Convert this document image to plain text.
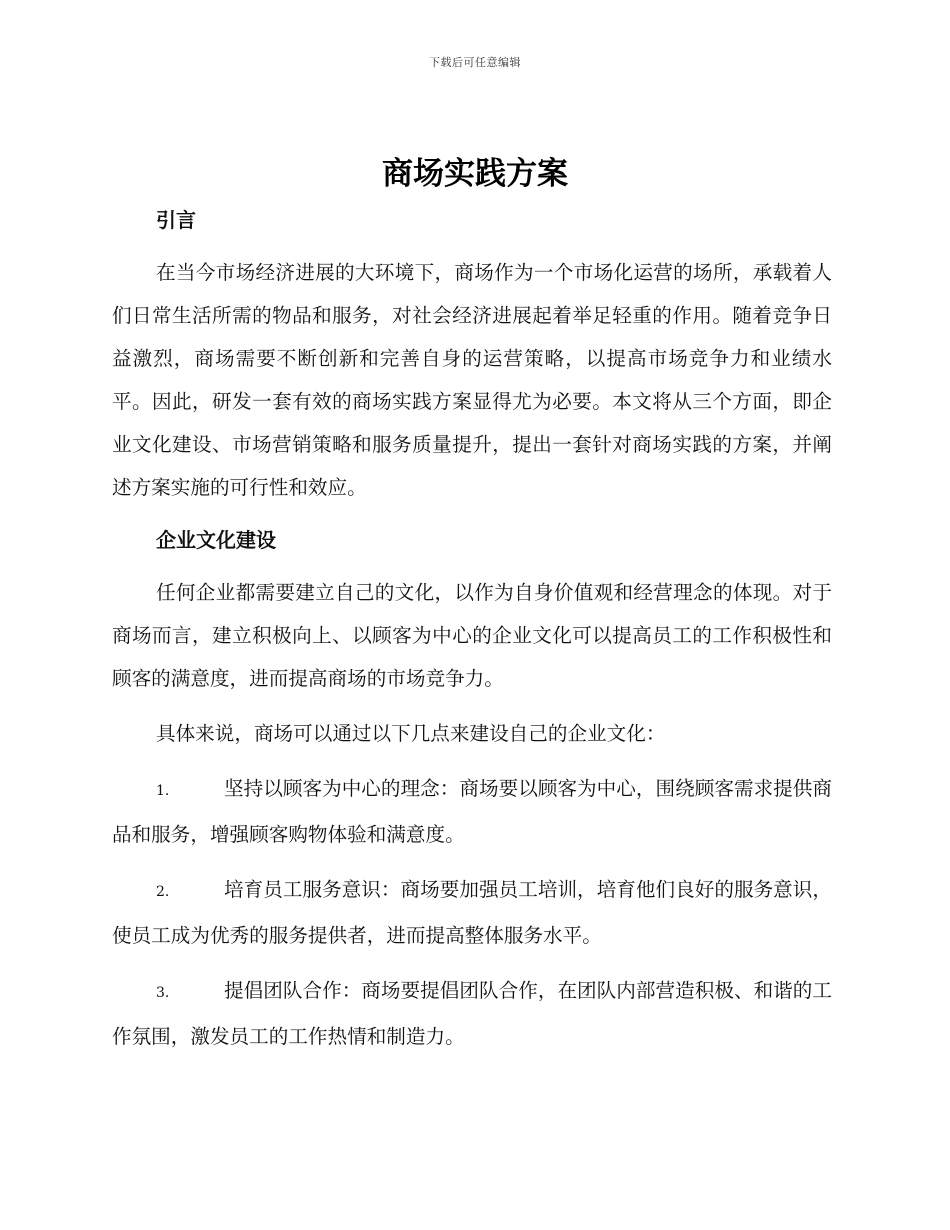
下载后可任意编辑
商场实践方案
引言

在当今市场经济进展的大环境下，商场作为一个市场化运营的场所，承载着人们日常生活所需的物品和服务，对社会经济进展起着举足轻重的作用。随着竞争日益激烈，商场需要不断创新和完善自身的运营策略，以提高市场竞争力和业绩水平。因此，研发一套有效的商场实践方案显得尤为必要。本文将从三个方面，即企业文化建设、市场营销策略和服务质量提升，提出一套针对商场实践的方案，并阐述方案实施的可行性和效应。

企业文化建设

任何企业都需要建立自己的文化，以作为自身价值观和经营理念的体现。对于商场而言，建立积极向上、以顾客为中心的企业文化可以提高员工的工作积极性和顾客的满意度，进而提高商场的市场竞争力。

具体来说，商场可以通过以下几点来建设自己的企业文化：

1.	坚持以顾客为中心的理念：商场要以顾客为中心，围绕顾客需求提供商品和服务，增强顾客购物体验和满意度。

2.	培育员工服务意识：商场要加强员工培训，培育他们良好的服务意识，使员工成为优秀的服务提供者，进而提高整体服务水平。

3.	提倡团队合作：商场要提倡团队合作，在团队内部营造积极、和谐的工作氛围，激发员工的工作热情和制造力。
